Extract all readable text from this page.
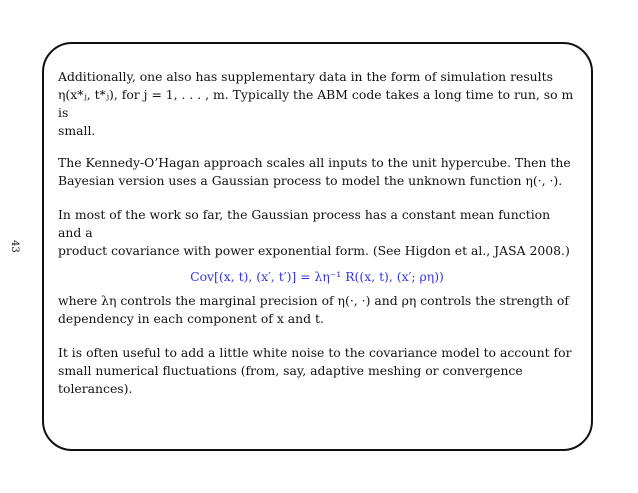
43
Additionally, one also has supplementary data in the form of simulation results
η(x*ⱼ, t*ⱼ), for j = 1, . . . , m. Typically the ABM code takes a long time to run, so m is
small.
The Kennedy-O’Hagan approach scales all inputs to the unit hypercube. Then the
Bayesian version uses a Gaussian process to model the unknown function η(·, ·).
In most of the work so far, the Gaussian process has a constant mean function and a
product covariance with power exponential form. (See Higdon et al., JASA 2008.)
Cov[(x, t), (x′, t′)] = λη⁻¹ R((x, t), (x′; ρη))
where λη controls the marginal precision of η(·, ·) and ρη controls the strength of
dependency in each component of x and t.
It is often useful to add a little white noise to the covariance model to account for
small numerical fluctuations (from, say, adaptive meshing or convergence tolerances).
